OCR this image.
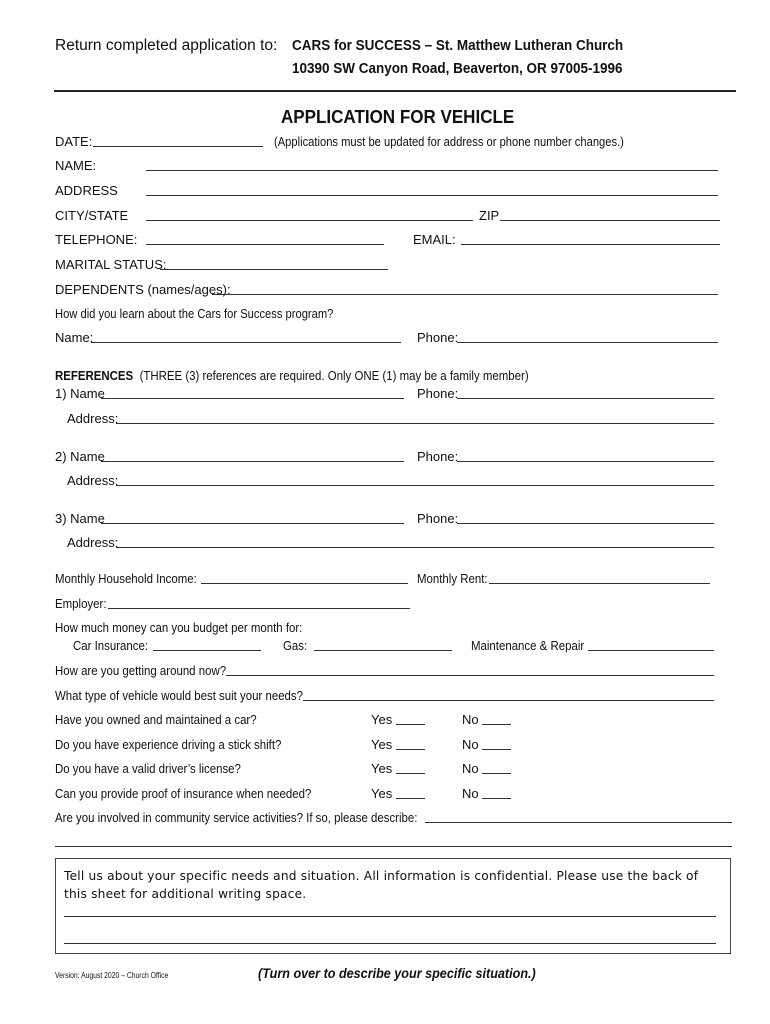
Return completed application to: CARS for SUCCESS – St. Matthew Lutheran Church
10390 SW Canyon Road, Beaverton, OR 97005-1996
APPLICATION FOR VEHICLE
DATE:	(Applications must be updated for address or phone number changes.)
NAME:
ADDRESS
CITY/STATE	ZIP
TELEPHONE:	EMAIL:
MARITAL STATUS:
DEPENDENTS (names/ages):
How did you learn about the Cars for Success program?
Name:	Phone:
REFERENCES (THREE (3) references are required. Only ONE (1) may be a family member)
1) Name	Phone:
Address:
2) Name	Phone:
Address:
3) Name	Phone:
Address:
Monthly Household Income:	Monthly Rent:
Employer:
How much money can you budget per month for:
Car Insurance:	Gas:	Maintenance & Repair
How are you getting around now?
What type of vehicle would best suit your needs?
Have you owned and maintained a car?	Yes	No
Do you have experience driving a stick shift?	Yes	No
Do you have a valid driver’s license?	Yes	No
Can you provide proof of insurance when needed?	Yes	No
Are you involved in community service activities? If so, please describe:
Tell us about your specific needs and situation. All information is confidential. Please use the back of this sheet for additional writing space.
Version: August 2020 – Church Office	(Turn over to describe your specific situation.)
